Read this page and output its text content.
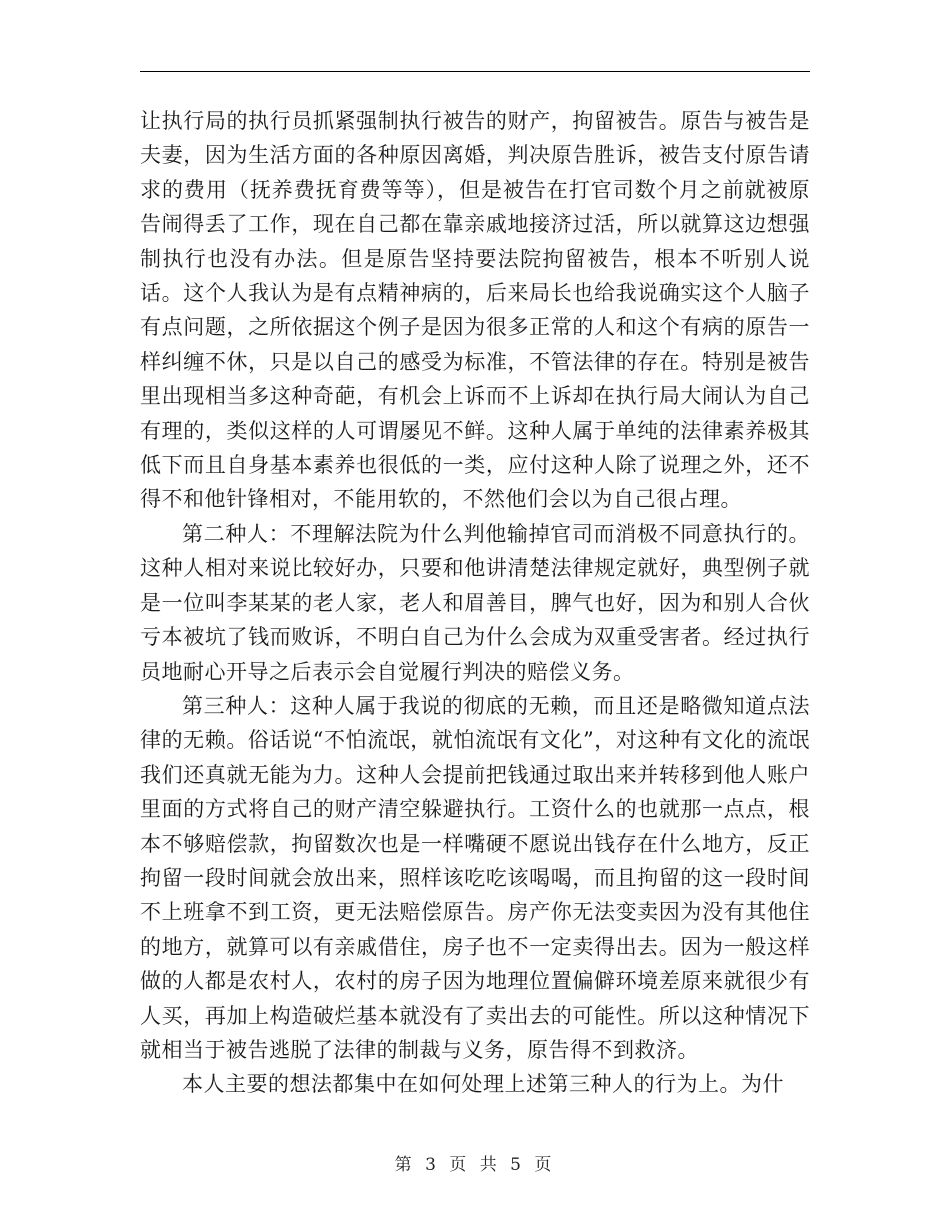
让执行局的执行员抓紧强制执行被告的财产，拘留被告。原告与被告是夫妻，因为生活方面的各种原因离婚，判决原告胜诉，被告支付原告请求的费用（抚养费抚育费等等），但是被告在打官司数个月之前就被原告闹得丢了工作，现在自己都在靠亲戚地接济过活，所以就算这边想强制执行也没有办法。但是原告坚持要法院拘留被告，根本不听别人说话。这个人我认为是有点精神病的，后来局长也给我说确实这个人脑子有点问题，之所依据这个例子是因为很多正常的人和这个有病的原告一样纠缠不休，只是以自己的感受为标准，不管法律的存在。特别是被告里出现相当多这种奇葩，有机会上诉而不上诉却在执行局大闹认为自己有理的，类似这样的人可谓屡见不鲜。这种人属于单纯的法律素养极其低下而且自身基本素养也很低的一类，应付这种人除了说理之外，还不得不和他针锋相对，不能用软的，不然他们会以为自己很占理。

第二种人：不理解法院为什么判他输掉官司而消极不同意执行的。这种人相对来说比较好办，只要和他讲清楚法律规定就好，典型例子就是一位叫李某某的老人家，老人和眉善目，脾气也好，因为和别人合伙亏本被坑了钱而败诉，不明白自己为什么会成为双重受害者。经过执行员地耐心开导之后表示会自觉履行判决的赔偿义务。

第三种人：这种人属于我说的彻底的无赖，而且还是略微知道点法律的无赖。俗话说“不怕流氓，就怕流氓有文化”，对这种有文化的流氓我们还真就无能为力。这种人会提前把钱通过取出来并转移到他人账户里面的方式将自己的财产清空躲避执行。工资什么的也就那一点点，根本不够赔偿款，拘留数次也是一样嘴硬不愿说出钱存在什么地方，反正拘留一段时间就会放出来，照样该吃吃该喝喝，而且拘留的这一段时间不上班拿不到工资，更无法赔偿原告。房产你无法变卖因为没有其他住的地方，就算可以有亲戚借住，房子也不一定卖得出去。因为一般这样做的人都是农村人，农村的房子因为地理位置偏僻环境差原来就很少有人买，再加上构造破烂基本就没有了卖出去的可能性。所以这种情况下就相当于被告逃脱了法律的制裁与义务，原告得不到救济。

本人主要的想法都集中在如何处理上述第三种人的行为上。为什

第 3 页 共 5 页
